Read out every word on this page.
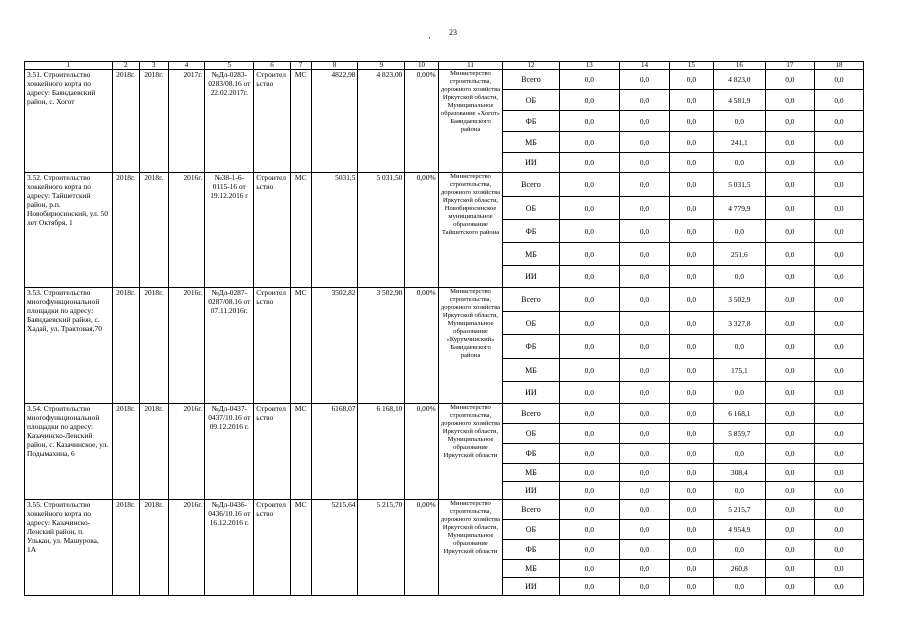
·
23
1	2	3	4	5	6	7	8	9	10	11	12	13	14	15	16	17	18
3.51. Строительство хоккейного корта по адресу: Баяндаевский район, с. Хогот	2018г.	2018г.	2017г.	№Дл-0283-0283/08.16 от 22.02.2017г.	Строительство	МС	4822,98	4 823,00	0,00%	Министерство строительства, дорожного хозяйства Иркутской области, Муниципальное образование «Хогот» Баяндаевского района	Всего	0,0	0,0	0,0	4 823,0	0,0	0,0
											ОБ	0,0	0,0	0,0	4 581,9	0,0	0,0
											ФБ	0,0	0,0	0,0	0,0	0,0	0,0
											МБ	0,0	0,0	0,0	241,1	0,0	0,0
											ИИ	0,0	0,0	0,0	0,0	0,0	0,0
3.52. Строительство хоккейного корта по адресу: Тайшетский район, р.п. Новобирюсинский, ул. 50 лет Октября, 1	2018г.	2018г.	2016г.	№38-1-6-0115-16 от 19.12.2016 г	Строительство	МС	5031,5	5 031,50	0,00%	Министерство строительства, дорожного хозяйства Иркутской области, Новобирюсинское муниципальное образование Тайшетского района	Всего	0,0	0,0	0,0	5 031,5	0,0	0,0
											ОБ	0,0	0,0	0,0	4 779,9	0,0	0,0
											ФБ	0,0	0,0	0,0	0,0	0,0	0,0
											МБ	0,0	0,0	0,0	251,6	0,0	0,0
											ИИ	0,0	0,0	0,0	0,0	0,0	0,0
3.53. Строительство многофункциональной площадки по адресу: Баяндаевский район, с. Хадай, ул. Трактовая,70	2018г.	2018г.	2016г.	№Дл-0287-0287/08.16 от 07.11.2016г.	Строительство	МС	3502,82	3 502,90	0,00%	Министерство строительства, дорожного хозяйства Иркутской области, Муниципальное образование «Курумчинский» Баяндаевского района	Всего	0,0	0,0	0,0	3 502,9	0,0	0,0
											ОБ	0,0	0,0	0,0	3 327,8	0,0	0,0
											ФБ	0,0	0,0	0,0	0,0	0,0	0,0
											МБ	0,0	0,0	0,0	175,1	0,0	0,0
											ИИ	0,0	0,0	0,0	0,0	0,0	0,0
3.54. Строительство многофункциональной площадки по адресу: Казачинско-Ленский район, с. Казачинское, ул. Подымахина, 6	2018г.	2018г.	2016г.	№Дл-0437-0437/10.16 от 09.12.2016 г.	Строительство	МС	6168,07	6 168,10	0,00%	Министерство строительства, дорожного хозяйства Иркутской области, Муниципальное образование Иркутской области	Всего	0,0	0,0	0,0	6 168,1	0,0	0,0
											ОБ	0,0	0,0	0,0	5 859,7	0,0	0,0
											ФБ	0,0	0,0	0,0	0,0	0,0	0,0
											МБ	0,0	0,0	0,0	308,4	0,0	0,0
											ИИ	0,0	0,0	0,0	0,0	0,0	0,0
3.55. Строительство хоккейного корта по адресу: Казачинско-Ленский район, п. Улькан, ул. Машурова, 1А	2018г.	2018г.	2016г.	№Дл-0436-0436/10.16 от 16.12.2016 г.	Строительство	МС	5215,64	5 215,70	0,00%	Министерство строительства, дорожного хозяйства Иркутской области, Муниципальное образование Иркутской области	Всего	0,0	0,0	0,0	5 215,7	0,0	0,0
											ОБ	0,0	0,0	0,0	4 954,9	0,0	0,0
											ФБ	0,0	0,0	0,0	0,0	0,0	0,0
											МБ	0,0	0,0	0,0	260,8	0,0	0,0
											ИИ	0,0	0,0	0,0	0,0	0,0	0,0
